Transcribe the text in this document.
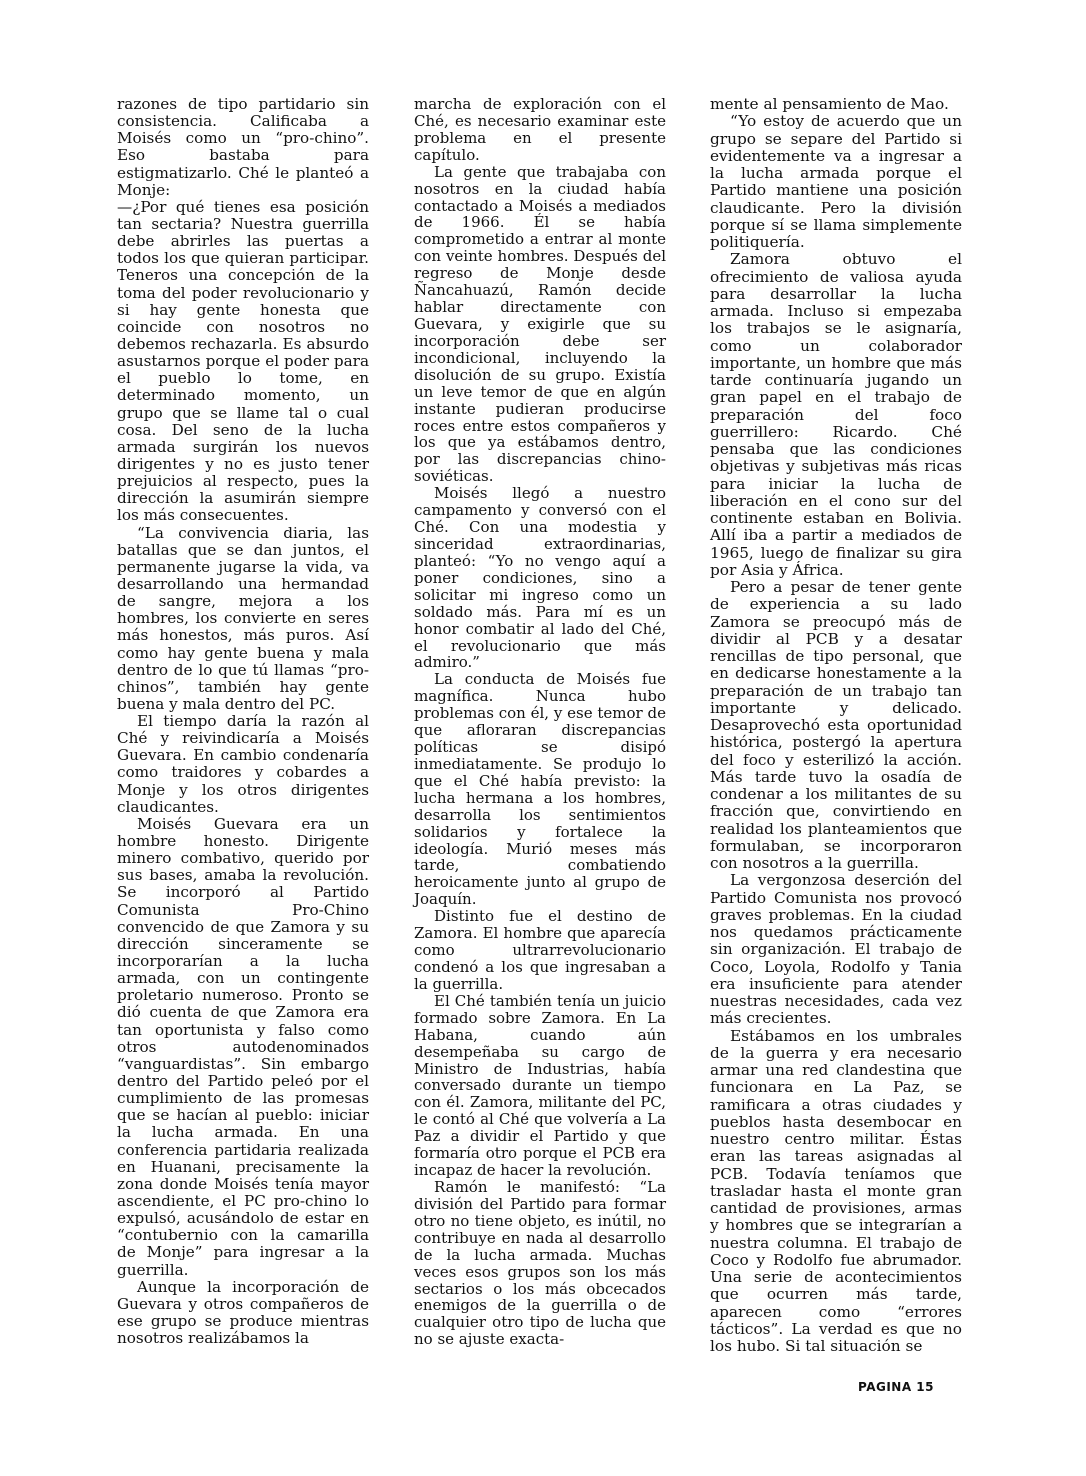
razones de tipo partidario sin consistencia. Calificaba a Moisés como un “pro-chino”. Eso bastaba para estigmatizarlo. Ché le planteó a Monje:

—¿Por qué tienes esa posición tan sectaria? Nuestra guerrilla debe abrirles las puertas a todos los que quieran participar. Teneros una concepción de la toma del poder revolucionario y si hay gente honesta que coincide con nosotros no debemos rechazarla. Es absurdo asustarnos porque el poder para el pueblo lo tome, en determinado momento, un grupo que se llame tal o cual cosa. Del seno de la lucha armada surgirán los nuevos dirigentes y no es justo tener prejuicios al respecto, pues la dirección la asumirán siempre los más consecuentes.

“La convivencia diaria, las batallas que se dan juntos, el permanente jugarse la vida, va desarrollando una hermandad de sangre, mejora a los hombres, los convierte en seres más honestos, más puros. Así como hay gente buena y mala dentro de lo que tú llamas “pro-chinos”, también hay gente buena y mala dentro del PC.

El tiempo daría la razón al Ché y reivindicaría a Moisés Guevara. En cambio condenaría como traidores y cobardes a Monje y los otros dirigentes claudicantes.

Moisés Guevara era un hombre honesto. Dirigente minero combativo, querido por sus bases, amaba la revolución. Se incorporó al Partido Comunista Pro-Chino convencido de que Zamora y su dirección sinceramente se incorporarían a la lucha armada, con un contingente proletario numeroso. Pronto se dió cuenta de que Zamora era tan oportunista y falso como otros autodenominados “vanguardistas”. Sin embargo dentro del Partido peleó por el cumplimiento de las promesas que se hacían al pueblo: iniciar la lucha armada. En una conferencia partidaria realizada en Huanani, precisamente la zona donde Moisés tenía mayor ascendiente, el PC pro-chino lo expulsó, acusándolo de estar en “contubernio con la camarilla de Monje” para ingresar a la guerrilla.

Aunque la incorporación de Guevara y otros compañeros de ese grupo se produce mientras nosotros realizábamos la

marcha de exploración con el Ché, es necesario examinar este problema en el presente capítulo.

La gente que trabajaba con nosotros en la ciudad había contactado a Moisés a mediados de 1966. Él se había comprometido a entrar al monte con veinte hombres. Después del regreso de Monje desde Ñancahuazú, Ramón decide hablar directamente con Guevara, y exigirle que su incorporación debe ser incondicional, incluyendo la disolución de su grupo. Existía un leve temor de que en algún instante pudieran producirse roces entre estos compañeros y los que ya estábamos dentro, por las discrepancias chino-soviéticas.

Moisés llegó a nuestro campamento y conversó con el Ché. Con una modestia y sinceridad extraordinarias, planteó: “Yo no vengo aquí a poner condiciones, sino a solicitar mi ingreso como un soldado más. Para mí es un honor combatir al lado del Ché, el revolucionario que más admiro.”

La conducta de Moisés fue magnífica. Nunca hubo problemas con él, y ese temor de que afloraran discrepancias políticas se disipó inmediatamente. Se produjo lo que el Ché había previsto: la lucha hermana a los hombres, desarrolla los sentimientos solidarios y fortalece la ideología. Murió meses más tarde, combatiendo heroicamente junto al grupo de Joaquín.

Distinto fue el destino de Zamora. El hombre que aparecía como ultrarrevolucionario condenó a los que ingresaban a la guerrilla.

El Ché también tenía un juicio formado sobre Zamora. En La Habana, cuando aún desempeñaba su cargo de Ministro de Industrias, había conversado durante un tiempo con él. Zamora, militante del PC, le contó al Ché que volvería a La Paz a dividir el Partido y que formaría otro porque el PCB era incapaz de hacer la revolución.

Ramón le manifestó: “La división del Partido para formar otro no tiene objeto, es inútil, no contribuye en nada al desarrollo de la lucha armada. Muchas veces esos grupos son los más sectarios o los más obcecados enemigos de la guerrilla o de cualquier otro tipo de lucha que no se ajuste exacta-

mente al pensamiento de Mao.

“Yo estoy de acuerdo que un grupo se separe del Partido si evidentemente va a ingresar a la lucha armada porque el Partido mantiene una posición claudicante. Pero la división porque sí se llama simplemente politiquería.

Zamora obtuvo el ofrecimiento de valiosa ayuda para desarrollar la lucha armada. Incluso si empezaba los trabajos se le asignaría, como un colaborador importante, un hombre que más tarde continuaría jugando un gran papel en el trabajo de preparación del foco guerrillero: Ricardo. Ché pensaba que las condiciones objetivas y subjetivas más ricas para iniciar la lucha de liberación en el cono sur del continente estaban en Bolivia. Allí iba a partir a mediados de 1965, luego de finalizar su gira por Asia y África.

Pero a pesar de tener gente de experiencia a su lado Zamora se preocupó más de dividir al PCB y a desatar rencillas de tipo personal, que en dedicarse honestamente a la preparación de un trabajo tan importante y delicado. Desaprovechó esta oportunidad histórica, postergó la apertura del foco y esterilizó la acción. Más tarde tuvo la osadía de condenar a los militantes de su fracción que, convirtiendo en realidad los planteamientos que formulaban, se incorporaron con nosotros a la guerrilla.

La vergonzosa deserción del Partido Comunista nos provocó graves problemas. En la ciudad nos quedamos prácticamente sin organización. El trabajo de Coco, Loyola, Rodolfo y Tania era insuficiente para atender nuestras necesidades, cada vez más crecientes.

Estábamos en los umbrales de la guerra y era necesario armar una red clandestina que funcionara en La Paz, se ramificara a otras ciudades y pueblos hasta desembocar en nuestro centro militar. Éstas eran las tareas asignadas al PCB. Todavía teníamos que trasladar hasta el monte gran cantidad de provisiones, armas y hombres que se integrarían a nuestra columna. El trabajo de Coco y Rodolfo fue abrumador. Una serie de acontecimientos que ocurren más tarde, aparecen como “errores tácticos”. La verdad es que no los hubo. Si tal situación se

PAGINA 15
